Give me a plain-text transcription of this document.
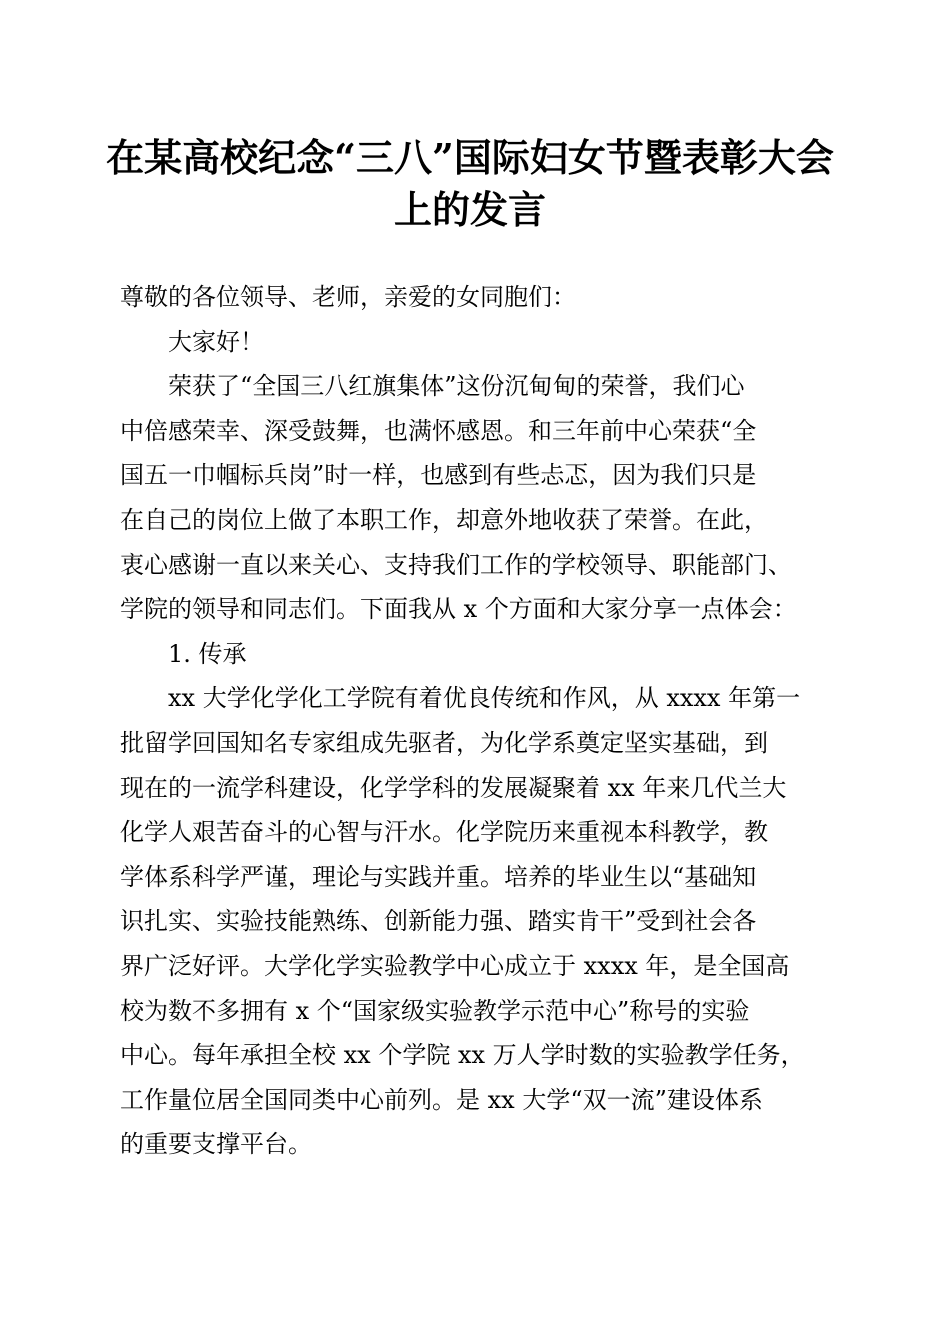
在某高校纪念“三八”国际妇女节暨表彰大会
上的发言
尊敬的各位领导、老师，亲爱的女同胞们：
大家好！
荣获了“全国三八红旗集体”这份沉甸甸的荣誉，我们心
中倍感荣幸、深受鼓舞，也满怀感恩。和三年前中心荣获“全
国五一巾帼标兵岗”时一样，也感到有些忐忑，因为我们只是
在自己的岗位上做了本职工作，却意外地收获了荣誉。在此，
衷心感谢一直以来关心、支持我们工作的学校领导、职能部门、
学院的领导和同志们。下面我从 x 个方面和大家分享一点体会：
1. 传承
xx 大学化学化工学院有着优良传统和作风，从 xxxx 年第一
批留学回国知名专家组成先驱者，为化学系奠定坚实基础，到
现在的一流学科建设，化学学科的发展凝聚着 xx 年来几代兰大
化学人艰苦奋斗的心智与汗水。化学院历来重视本科教学，教
学体系科学严谨，理论与实践并重。培养的毕业生以“基础知
识扎实、实验技能熟练、创新能力强、踏实肯干”受到社会各
界广泛好评。大学化学实验教学中心成立于 xxxx 年，是全国高
校为数不多拥有 x 个“国家级实验教学示范中心”称号的实验
中心。每年承担全校 xx 个学院 xx 万人学时数的实验教学任务，
工作量位居全国同类中心前列。是 xx 大学“双一流”建设体系
的重要支撑平台。
